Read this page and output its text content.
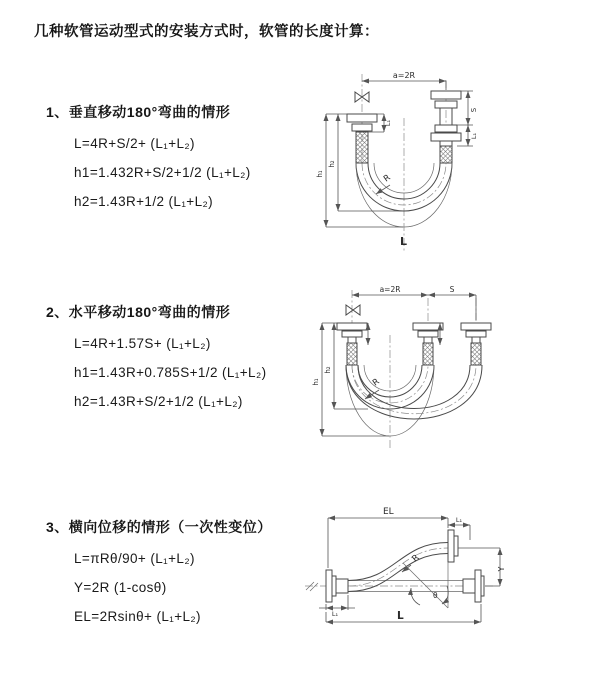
几种软管运动型式的安装方式时，软管的长度计算：
1、垂直移动180°弯曲的情形
L=4R+S/2+ (L₁+L₂)
h1=1.432R+S/2+1/2 (L₁+L₂)
h2=1.43R+1/2 (L₁+L₂)
2、水平移动180°弯曲的情形
L=4R+1.57S+ (L₁+L₂)
h1=1.43R+0.785S+1/2 (L₁+L₂)
h2=1.43R+S/2+1/2 (L₁+L₂)
3、横向位移的情形（一次性变位）
L=πRθ/90+ (L₁+L₂)
Y=2R (1-cosθ)
EL=2Rsinθ+ (L₁+L₂)
a=2R
h₁
h₂
L₁
S
L₁
R
L
a=2R	S
h₁
h₂
R
EL
L₁
Y
R
θ
L₁	L
